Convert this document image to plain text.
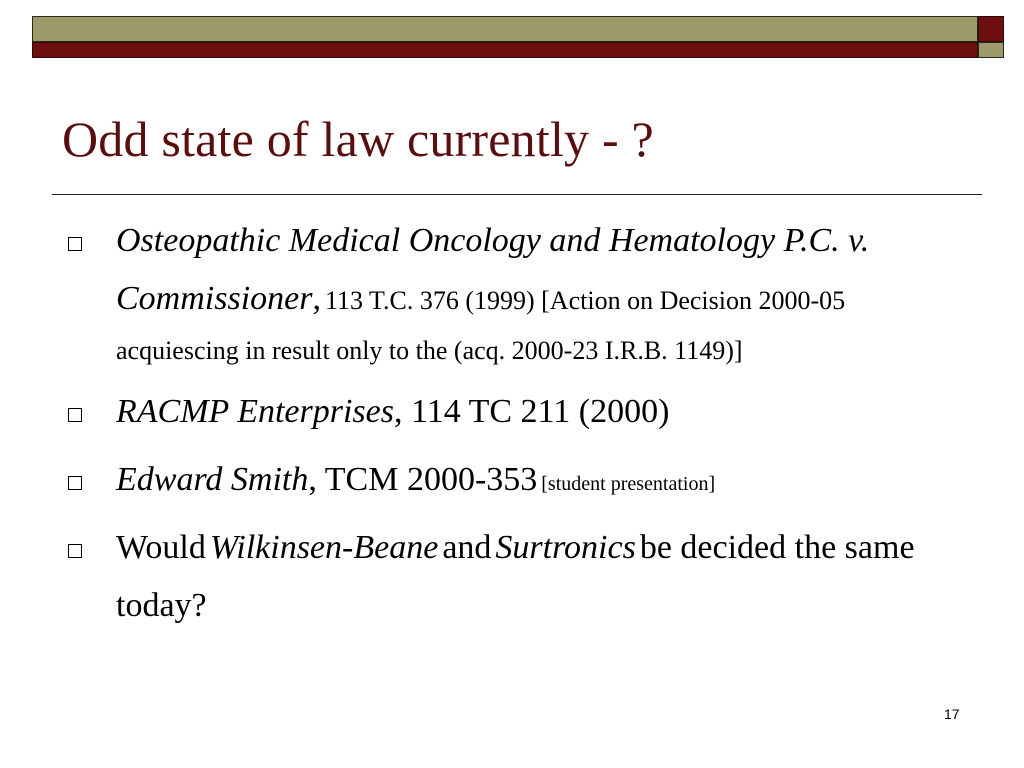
Odd state of law currently - ?
Osteopathic Medical Oncology and Hematology P.C. v. Commissioner, 113 T.C. 376 (1999) [Action on Decision 2000-05 acquiescing in result only to the (acq. 2000-23 I.R.B. 1149)]
RACMP Enterprises, 114 TC 211 (2000)
Edward Smith, TCM 2000-353 [student presentation]
Would Wilkinsen-Beane and Surtronics be decided the same today?
17
